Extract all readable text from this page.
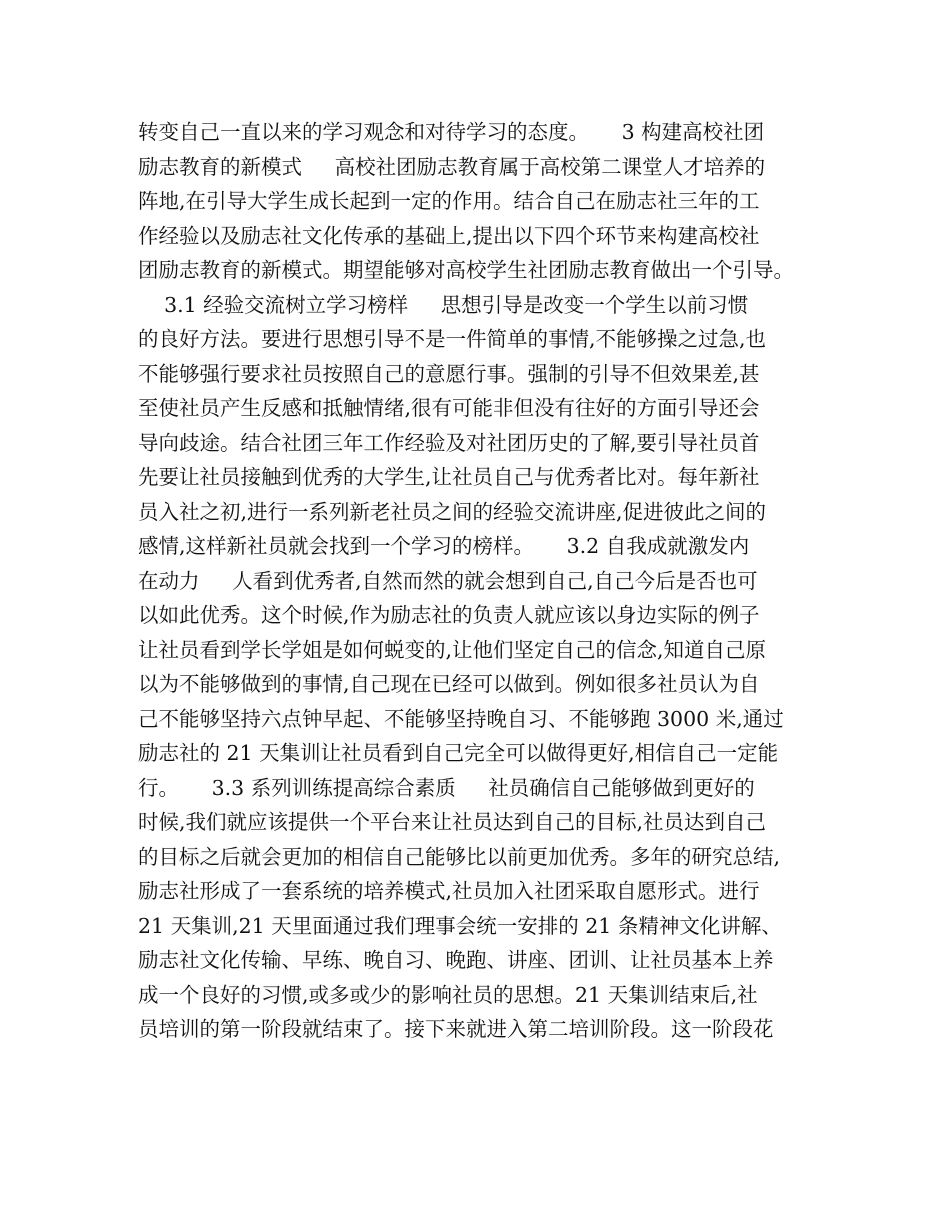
转变自己一直以来的学习观念和对待学习的态度。     3 构建高校社团
励志教育的新模式     高校社团励志教育属于高校第二课堂人才培养的
阵地,在引导大学生成长起到一定的作用。结合自己在励志社三年的工
作经验以及励志社文化传承的基础上,提出以下四个环节来构建高校社
团励志教育的新模式。期望能够对高校学生社团励志教育做出一个引导。
3.1 经验交流树立学习榜样     思想引导是改变一个学生以前习惯
的良好方法。要进行思想引导不是一件简单的事情,不能够操之过急,也
不能够强行要求社员按照自己的意愿行事。强制的引导不但效果差,甚
至使社员产生反感和抵触情绪,很有可能非但没有往好的方面引导还会
导向歧途。结合社团三年工作经验及对社团历史的了解,要引导社员首
先要让社员接触到优秀的大学生,让社员自己与优秀者比对。每年新社
员入社之初,进行一系列新老社员之间的经验交流讲座,促进彼此之间的
感情,这样新社员就会找到一个学习的榜样。     3.2 自我成就激发内
在动力     人看到优秀者,自然而然的就会想到自己,自己今后是否也可
以如此优秀。这个时候,作为励志社的负责人就应该以身边实际的例子
让社员看到学长学姐是如何蜕变的,让他们坚定自己的信念,知道自己原
以为不能够做到的事情,自己现在已经可以做到。例如很多社员认为自
己不能够坚持六点钟早起、不能够坚持晚自习、不能够跑 3000 米,通过
励志社的 21 天集训让社员看到自己完全可以做得更好,相信自己一定能
行。     3.3 系列训练提高综合素质     社员确信自己能够做到更好的
时候,我们就应该提供一个平台来让社员达到自己的目标,社员达到自己
的目标之后就会更加的相信自己能够比以前更加优秀。多年的研究总结,
励志社形成了一套系统的培养模式,社员加入社团采取自愿形式。进行
21 天集训,21 天里面通过我们理事会统一安排的 21 条精神文化讲解、
励志社文化传输、早练、晚自习、晚跑、讲座、团训、让社员基本上养
成一个良好的习惯,或多或少的影响社员的思想。21 天集训结束后,社
员培训的第一阶段就结束了。接下来就进入第二培训阶段。这一阶段花
